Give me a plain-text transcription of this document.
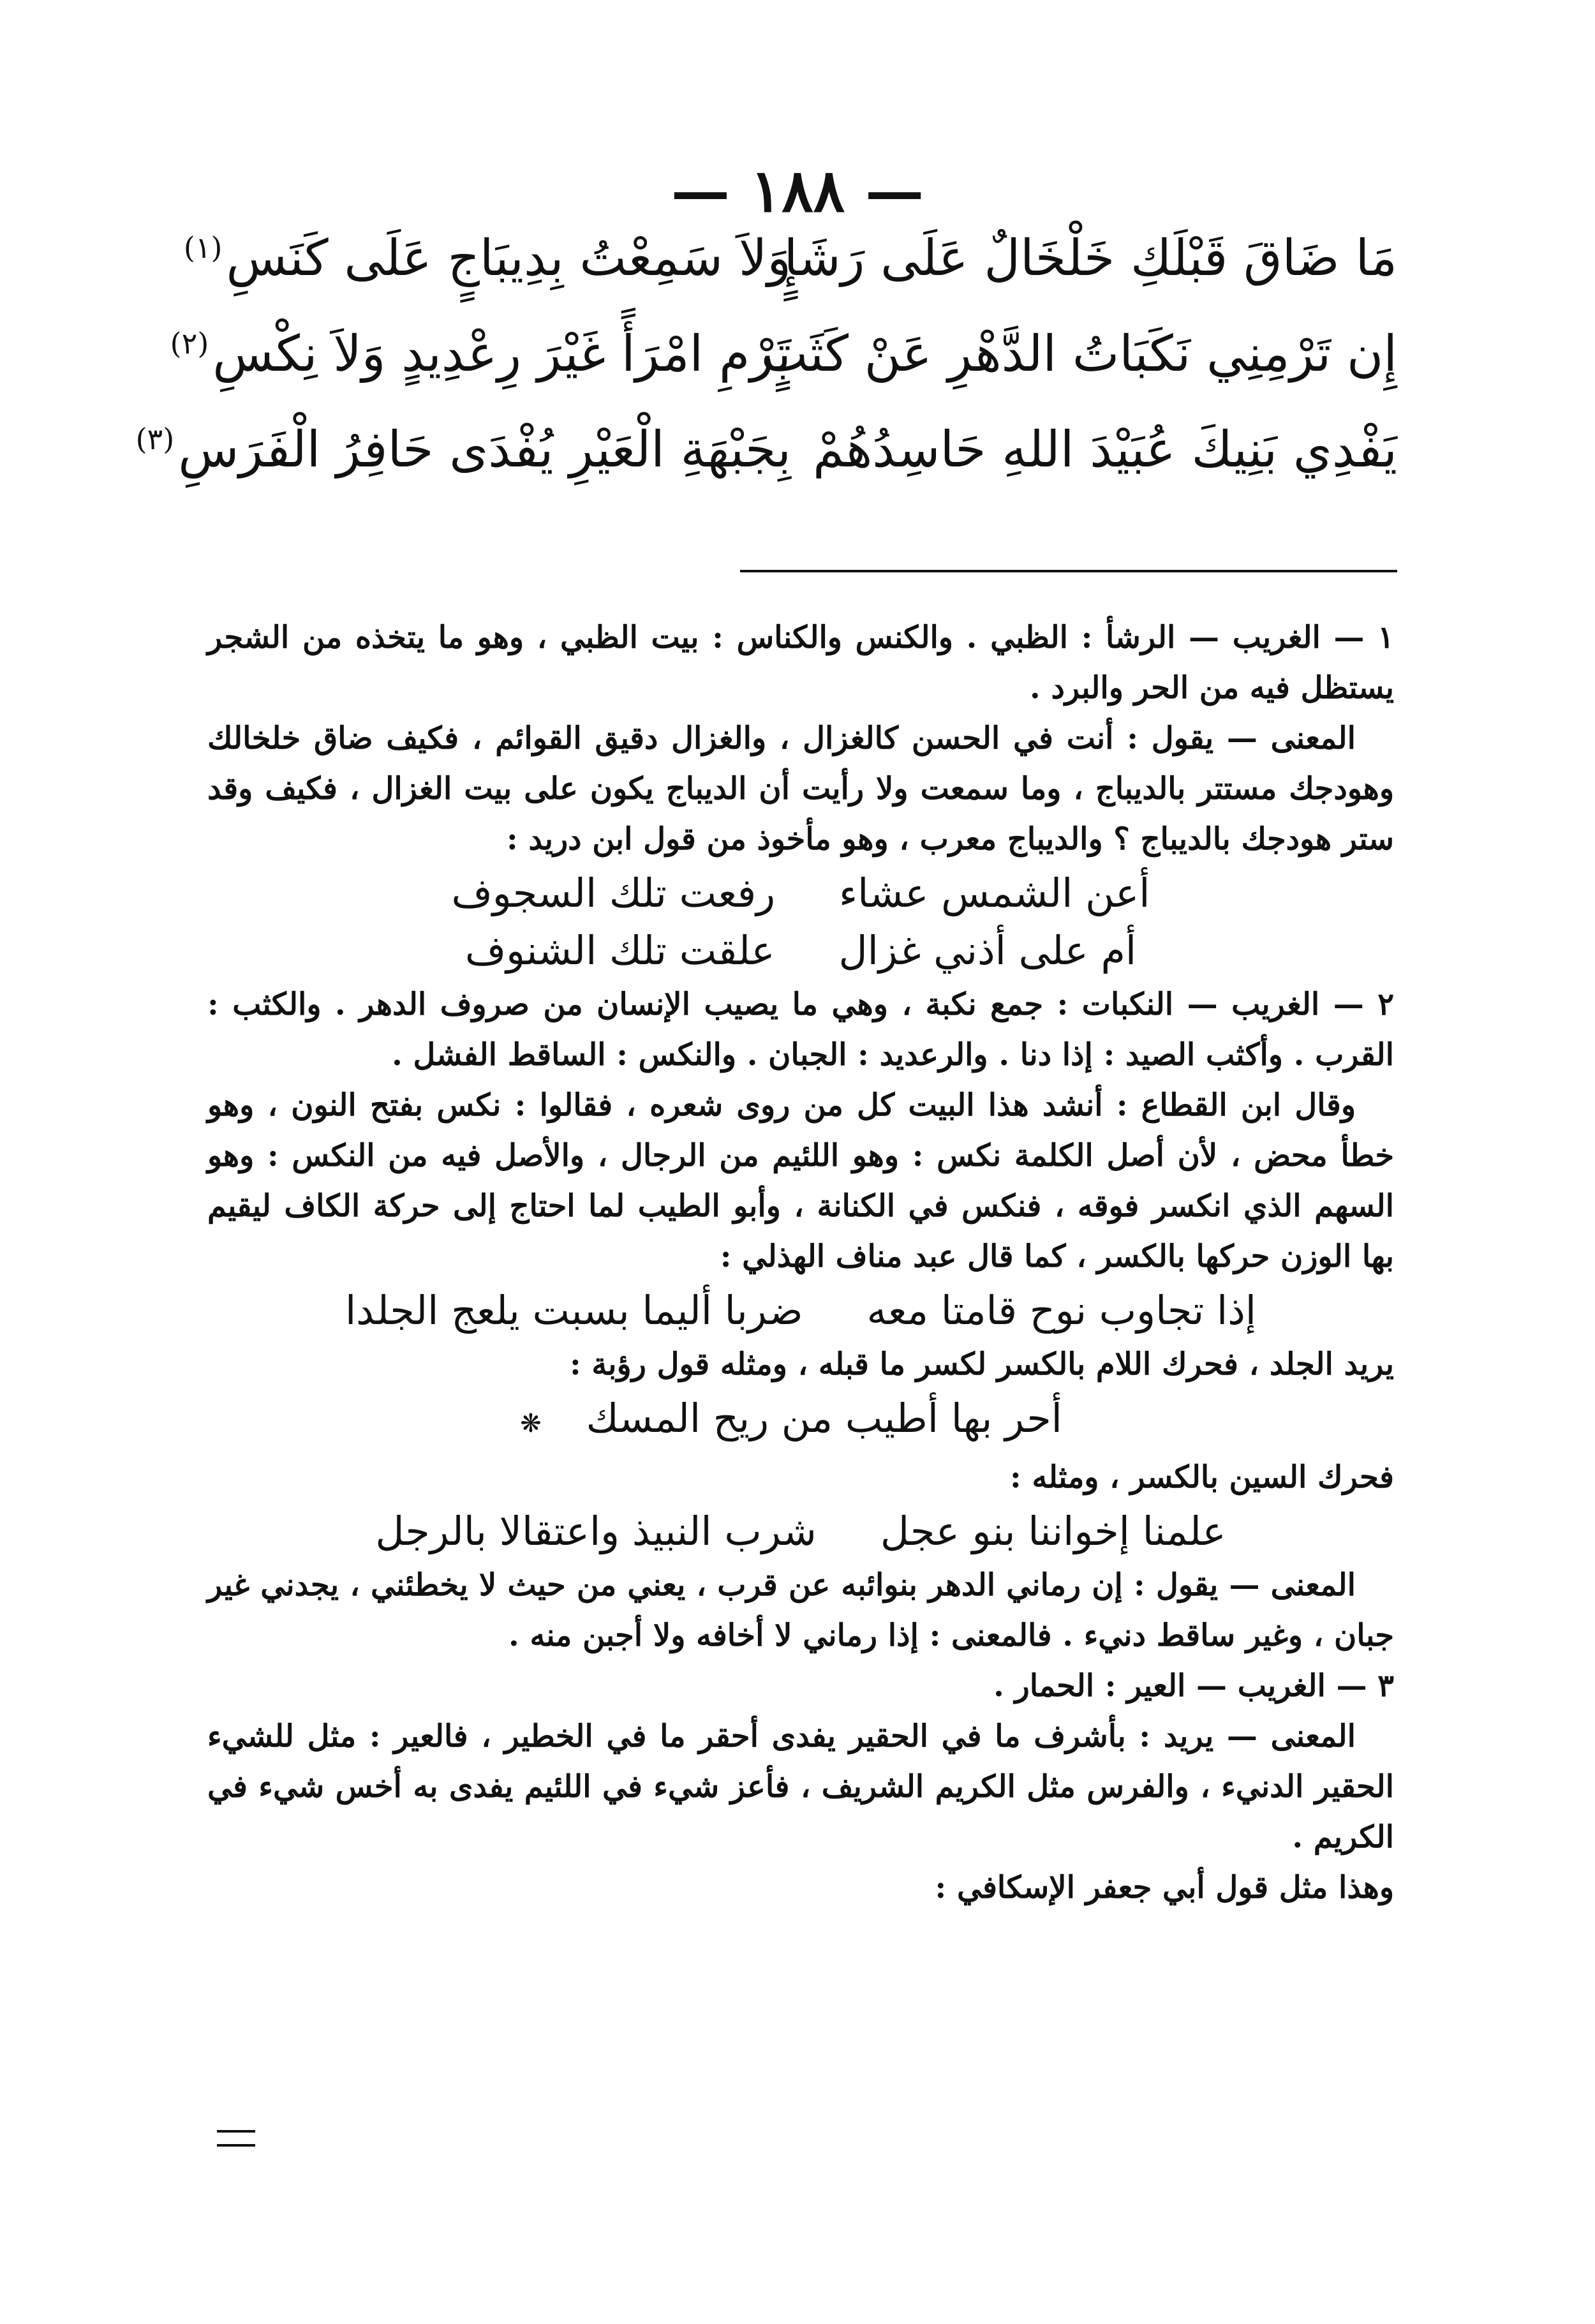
— ١٨٨ —
مَا ضَاقَ قَبْلَكِ خَلْخَالٌ عَلَى رَشَإٍ
وَلاَ سَمِعْتُ بِدِيبَاجٍ عَلَى كَنَسِ$^{(١)}$
إِن تَرْمِنِي نَكَبَاتُ الدَّهْرِ عَنْ كَثَبٍ
تَرْمِ امْرَأً غَيْرَ رِعْدِيدٍ وَلاَ نِكْسِ$^{(٢)}$
يَفْدِي بَنِيكَ عُبَيْدَ اللهِ حَاسِدُهُمْ
بِجَبْهَةِ الْعَيْرِ يُفْدَى حَافِرُ الْفَرَسِ$^{(٣)}$

١ — الغريب — الرشأ : الظبي . والكنس والكناس : بيت الظبي ، وهو ما يتخذه من الشجر يستظل فيه من الحر والبرد .

المعنى — يقول : أنت في الحسن كالغزال ، والغزال دقيق القوائم ، فكيف ضاق خلخالك وهودجك مستتر بالديباج ، وما سمعت ولا رأيت أن الديباج يكون على بيت الغزال ، فكيف وقد ستر هودجك بالديباج ؟ والديباج معرب ، وهو مأخوذ من قول ابن دريد :

أعن الشمس عشاءرفعت تلك السجوف

أم على أذني غزالعلقت تلك الشنوف

٢ — الغريب — النكبات : جمع نكبة ، وهي ما يصيب الإنسان من صروف الدهر . والكثب : القرب . وأكثب الصيد : إذا دنا . والرعديد : الجبان . والنكس : الساقط الفشل .

وقال ابن القطاع : أنشد هذا البيت كل من روى شعره ، فقالوا : نكس بفتح النون ، وهو خطأ محض ، لأن أصل الكلمة نكس : وهو اللئيم من الرجال ، والأصل فيه من النكس : وهو السهم الذي انكسر فوقه ، فنكس في الكنانة ، وأبو الطيب لما احتاج إلى حركة الكاف ليقيم بها الوزن حركها بالكسر ، كما قال عبد مناف الهذلي :

إذا تجاوب نوح قامتا معهضربا أليما بسبت يلعج الجلدا

يريد الجلد ، فحرك اللام بالكسر لكسر ما قبله ، ومثله قول رؤبة :

أحر بها أطيب من ريح المسك❋

فحرك السين بالكسر ، ومثله :

علمنا إخواننا بنو عجلشرب النبيذ واعتقالا بالرجل

المعنى — يقول : إن رماني الدهر بنوائبه عن قرب ، يعني من حيث لا يخطئني ، يجدني غير جبان ، وغير ساقط دنيء . فالمعنى : إذا رماني لا أخافه ولا أجبن منه .

٣ — الغريب — العير : الحمار .

المعنى — يريد : بأشرف ما في الحقير يفدى أحقر ما في الخطير ، فالعير : مثل للشيء الحقير الدنيء ، والفرس مثل الكريم الشريف ، فأعز شيء في اللئيم يفدى به أخس شيء في الكريم .

وهذا مثل قول أبي جعفر الإسكافي :
